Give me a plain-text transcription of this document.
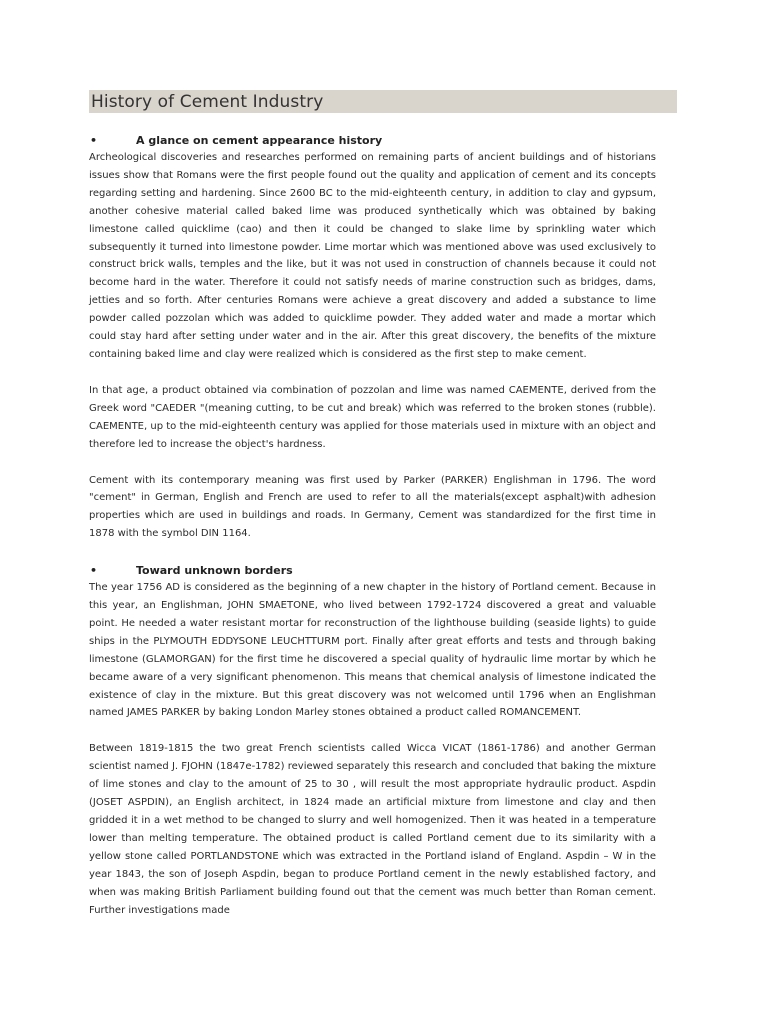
History of Cement Industry
•	A glance on cement appearance history

Archeological discoveries and researches performed on remaining parts of ancient buildings and of historians issues show that Romans were the first people found out the quality and application of cement and its concepts regarding setting and hardening. Since 2600 BC to the mid-eighteenth century, in addition to clay and gypsum, another cohesive material called baked lime was produced synthetically which was obtained by baking limestone called quicklime (cao) and then it could be changed to slake lime by sprinkling water which subsequently it turned into limestone powder. Lime mortar which was mentioned above was used exclusively to construct brick walls, temples and the like, but it was not used in construction of channels because it could not become hard in the water. Therefore it could not satisfy needs of marine construction such as bridges, dams, jetties and so forth. After centuries Romans were achieve a great discovery and added a substance to lime powder called pozzolan which was added to quicklime powder. They added water and made a mortar which could stay hard after setting under water and in the air. After this great discovery, the benefits of the mixture containing baked lime and clay were realized which is considered as the first step to make cement.

In that age, a product obtained via combination of pozzolan and lime was named CAEMENTE, derived from the Greek word "CAEDER "(meaning cutting, to be cut and break) which was referred to the broken stones (rubble). CAEMENTE, up to the mid-eighteenth century was applied for those materials used in mixture with an object and therefore led to increase the object's hardness.

Cement with its contemporary meaning was first used by Parker (PARKER) Englishman in 1796. The word "cement" in German, English and French are used to refer to all the materials(except asphalt)with adhesion properties which are used in buildings and roads. In Germany, Cement was standardized for the first time in 1878 with the symbol DIN 1164.

•	Toward unknown borders

The year 1756 AD is considered as the beginning of a new chapter in the history of Portland cement. Because in this year, an Englishman, JOHN SMAETONE, who lived between 1792-1724 discovered a great and valuable point. He needed a water resistant mortar for reconstruction of the lighthouse building (seaside lights) to guide ships in the PLYMOUTH EDDYSONE LEUCHTTURM port. Finally after great efforts and tests and through baking limestone (GLAMORGAN) for the first time he discovered a special quality of hydraulic lime mortar by which he became aware of a very significant phenomenon. This means that chemical analysis of limestone indicated the existence of clay in the mixture. But this great discovery was not welcomed until 1796 when an Englishman named JAMES PARKER by baking London Marley stones obtained a product called ROMANCEMENT.

Between 1819-1815 the two great French scientists called Wicca VICAT (1861-1786) and another German scientist named J. FJOHN (1847e-1782) reviewed separately this research and concluded that baking the mixture of lime stones and clay to the amount of 25 to 30 , will result the most appropriate hydraulic product. Aspdin (JOSET ASPDIN), an English architect, in 1824 made an artificial mixture from limestone and clay and then gridded it in a wet method to be changed to slurry and well homogenized. Then it was heated in a temperature lower than melting temperature. The obtained product is called Portland cement due to its similarity with a yellow stone called PORTLANDSTONE which was extracted in the Portland island of England. Aspdin – W in the year 1843, the son of Joseph Aspdin, began to produce Portland cement in the newly established factory, and when was making British Parliament building found out that the cement was much better than Roman cement. Further investigations made
